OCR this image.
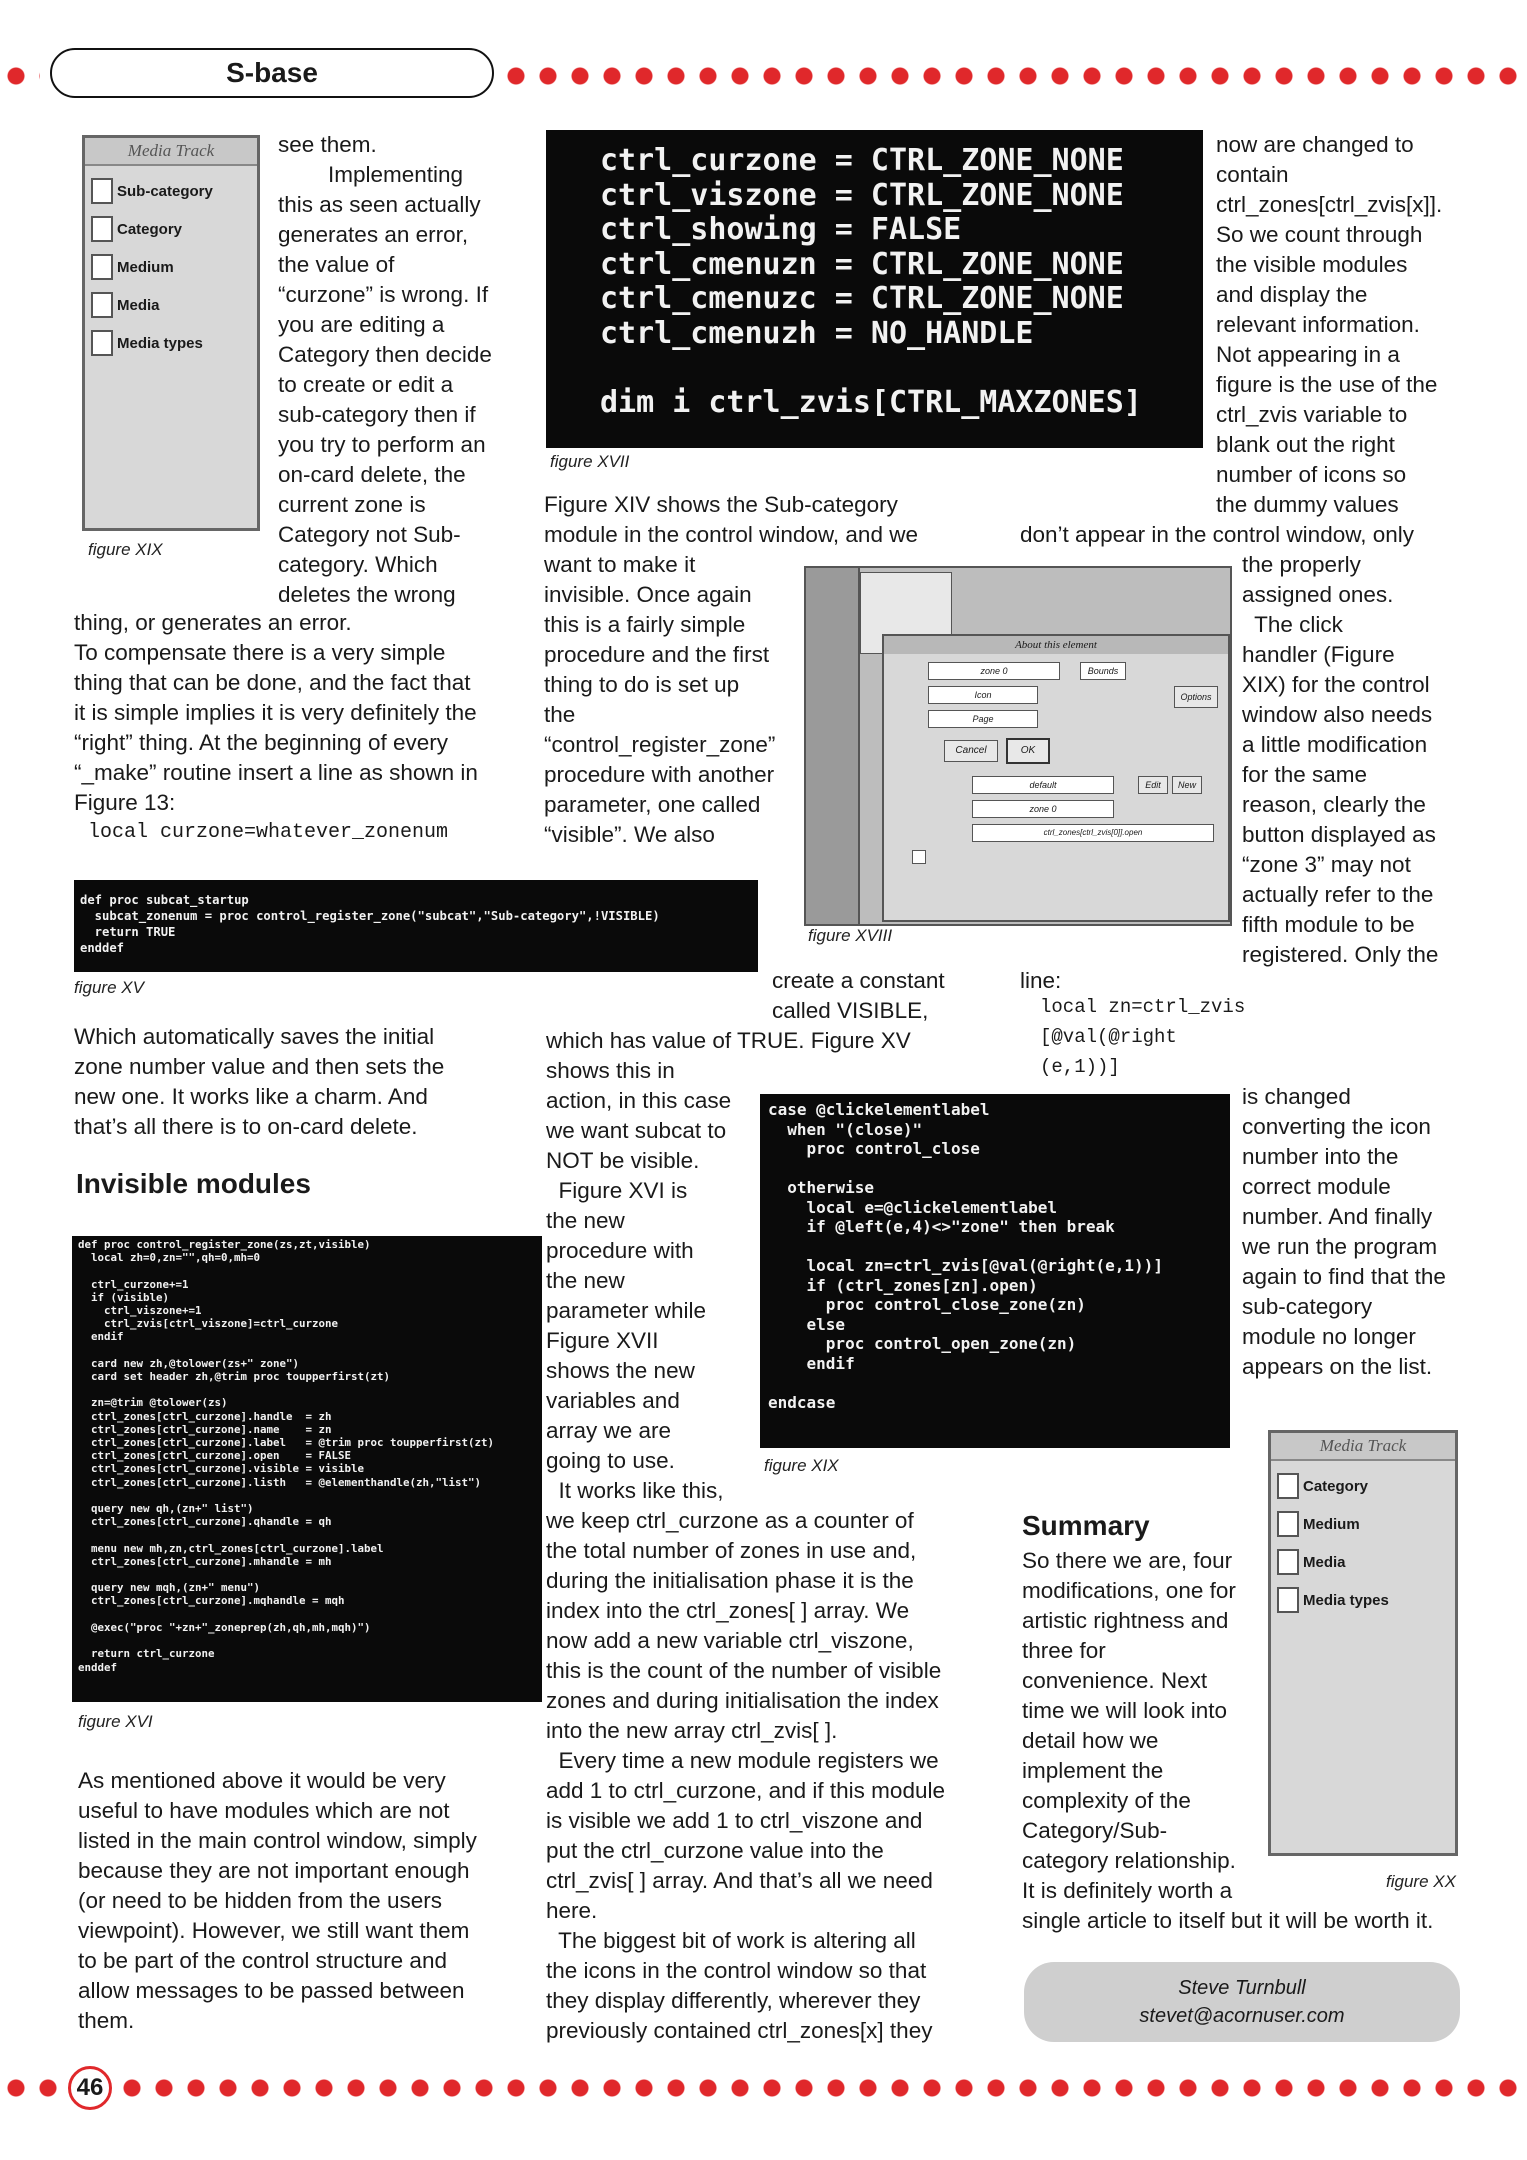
S-base
Media Track
Sub-category
Category
Medium
Media
Media types
figure XIX
see them.
Implementing
this as seen actually
generates an error,
the value of
“curzone” is wrong. If
you are editing a
Category then decide
to create or edit a
sub-category then if
you try to perform an
on-card delete, the
current zone is
Category not Sub-
category. Which
deletes the wrong
thing, or generates an error.
To compensate there is a very simple
thing that can be done, and the fact that
it is simple implies it is very definitely the
“right” thing. At the beginning of every
“_make” routine insert a line as shown in
Figure 13:
local curzone=whatever_zonenum
def proc subcat_startup
subcat_zonenum = proc control_register_zone("subcat","Sub-category",!VISIBLE)
return TRUE
enddef
figure XV
Which automatically saves the initial
zone number value and then sets the
new one. It works like a charm. And
that’s all there is to on-card delete.
Invisible modules
def proc control_register_zone(zs,zt,visible)
local zh=0,zn="",qh=0,mh=0

ctrl_curzone+=1
if (visible)
ctrl_viszone+=1
ctrl_zvis[ctrl_viszone]=ctrl_curzone
endif

card new zh,@tolower(zs+" zone")
card set header zh,@trim proc toupperfirst(zt)

zn=@trim @tolower(zs)
ctrl_zones[ctrl_curzone].handle  = zh
ctrl_zones[ctrl_curzone].name    = zn
ctrl_zones[ctrl_curzone].label   = @trim proc toupperfirst(zt)
ctrl_zones[ctrl_curzone].open    = FALSE
ctrl_zones[ctrl_curzone].visible = visible
ctrl_zones[ctrl_curzone].listh   = @elementhandle(zh,"list")

query new qh,(zn+" list")
ctrl_zones[ctrl_curzone].qhandle = qh

menu new mh,zn,ctrl_zones[ctrl_curzone].label
ctrl_zones[ctrl_curzone].mhandle = mh

query new mqh,(zn+" menu")
ctrl_zones[ctrl_curzone].mqhandle = mqh

@exec("proc "+zn+"_zoneprep(zh,qh,mh,mqh)")

return ctrl_curzone
enddef
figure XVI
As mentioned above it would be very
useful to have modules which are not
listed in the main control window, simply
because they are not important enough
(or need to be hidden from the users
viewpoint). However, we still want them
to be part of the control structure and
allow messages to be passed between
them.
ctrl_curzone = CTRL_ZONE_NONE
ctrl_viszone = CTRL_ZONE_NONE
ctrl_showing = FALSE
ctrl_cmenuzn = CTRL_ZONE_NONE
ctrl_cmenuzc = CTRL_ZONE_NONE
ctrl_cmenuzh = NO_HANDLE

dim i ctrl_zvis[CTRL_MAXZONES]
figure XVII
Figure XIV shows the Sub-category
module in the control window, and we
want to make it
invisible. Once again
this is a fairly simple
procedure and the first
thing to do is set up
the
“control_register_zone”
procedure with another
parameter, one called
“visible”. We also
About this element
zone 0
Icon
Page
Bounds
Options
Cancel	OK
default	Edit	New
zone 0
ctrl_zones[ctrl_zvis[0]].open
figure XVIII
create a constant
called VISIBLE,
which has value of TRUE. Figure XV
shows this in
action, in this case
we want subcat to
NOT be visible.
Figure XVI is
the new
procedure with
the new
parameter while
Figure XVII
shows the new
variables and
array we are
going to use.
case @clickelementlabel
when "(close)"
proc control_close

otherwise
local e=@clickelementlabel
if @left(e,4)<>"zone" then break

local zn=ctrl_zvis[@val(@right(e,1))]
if (ctrl_zones[zn].open)
proc control_close_zone(zn)
else
proc control_open_zone(zn)
endif

endcase
figure XIX
It works like this,
we keep ctrl_curzone as a counter of
the total number of zones in use and,
during the initialisation phase it is the
index into the ctrl_zones[ ] array. We
now add a new variable ctrl_viszone,
this is the count of the number of visible
zones and during initialisation the index
into the new array ctrl_zvis[ ].
Every time a new module registers we
add 1 to ctrl_curzone, and if this module
is visible we add 1 to ctrl_viszone and
put the ctrl_curzone value into the
ctrl_zvis[ ] array. And that’s all we need
here.
The biggest bit of work is altering all
the icons in the control window so that
they display differently, wherever they
previously contained ctrl_zones[x] they
now are changed to
contain
ctrl_zones[ctrl_zvis[x]].
So we count through
the visible modules
and display the
relevant information.
Not appearing in a
figure is the use of the
ctrl_zvis variable to
blank out the right
number of icons so
the dummy values
don’t appear in the control window, only
the properly
assigned ones.
The click
handler (Figure
XIX) for the control
window also needs
a little modification
for the same
reason, clearly the
button displayed as
“zone 3” may not
actually refer to the
fifth module to be
registered. Only the
line:
local zn=ctrl_zvis
[@val(@right
(e,1))]
is changed
converting the icon
number into the
correct module
number. And finally
we run the program
again to find that the
sub-category
module no longer
appears on the list.
Media Track
Category
Medium
Media
Media types
figure XX
Summary
So there we are, four
modifications, one for
artistic rightness and
three for
convenience. Next
time we will look into
detail how we
implement the
complexity of the
Category/Sub-
category relationship.
It is definitely worth a
single article to itself but it will be worth it.
Steve Turnbull
stevet@acornuser.com
46
